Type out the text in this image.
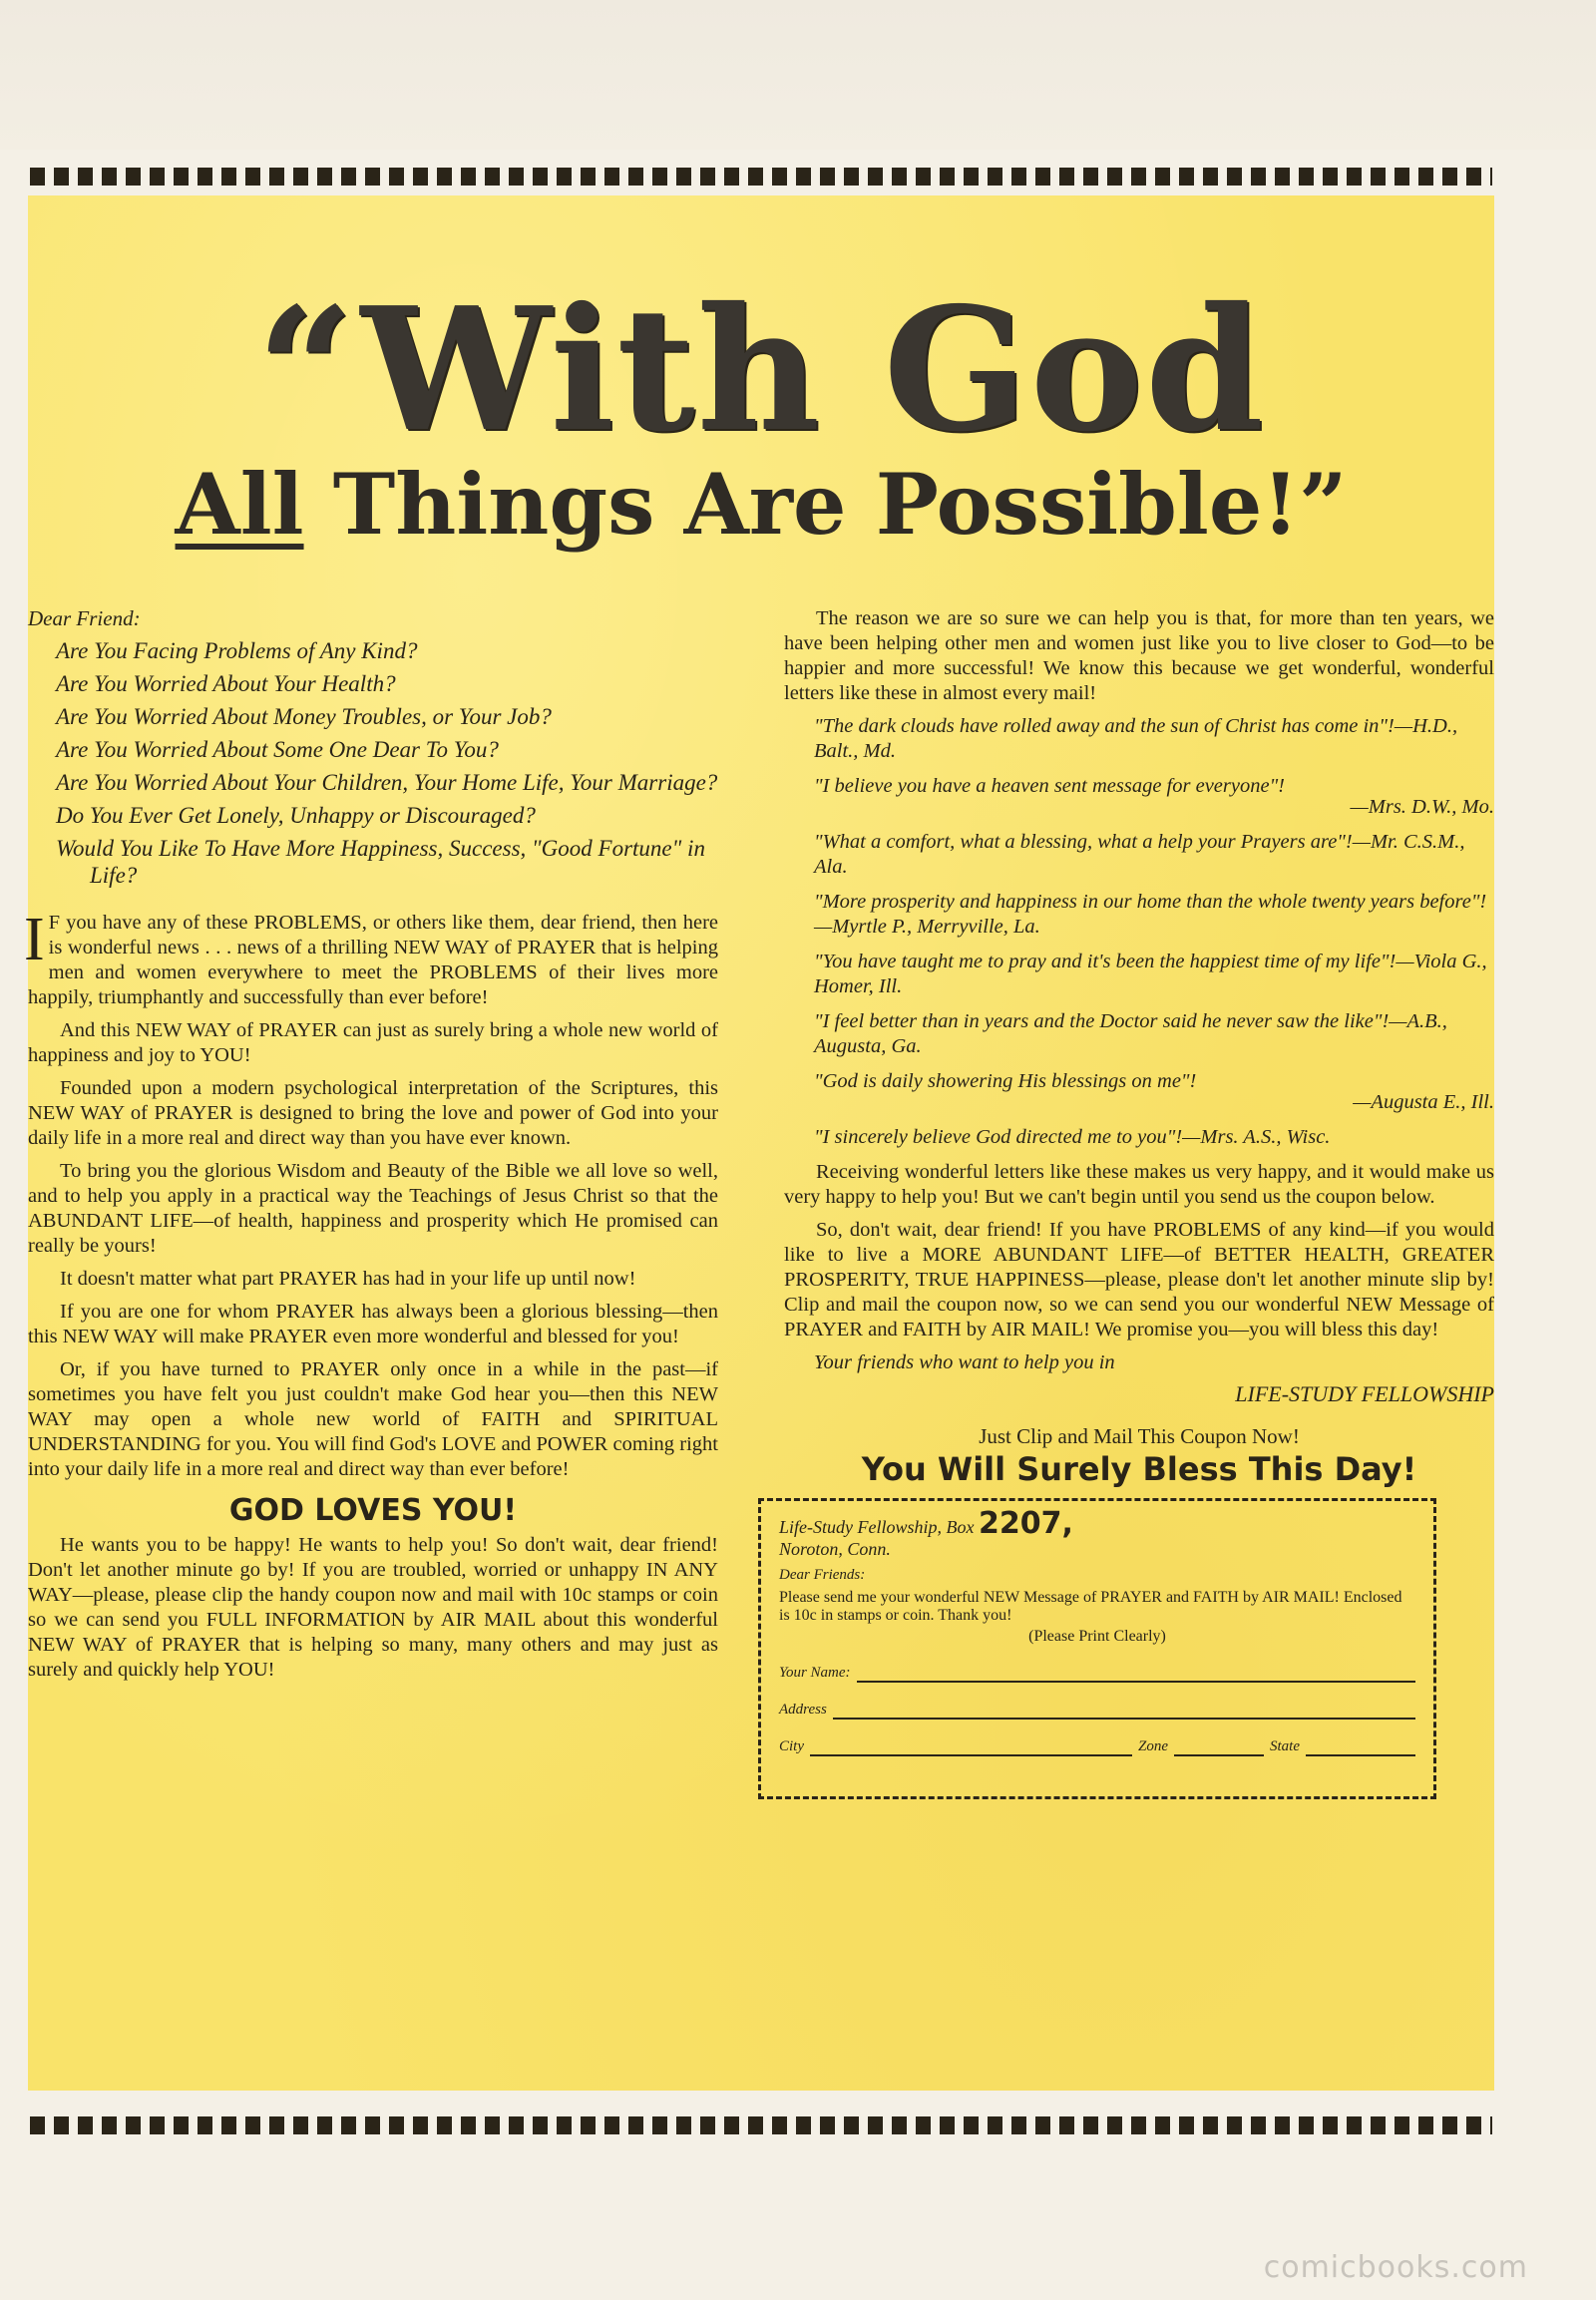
“With God
All Things Are Possible!”
Dear Friend:
Are You Facing Problems of Any Kind?
Are You Worried About Your Health?
Are You Worried About Money Troubles, or Your Job?
Are You Worried About Some One Dear To You?
Are You Worried About Your Children, Your Home Life, Your Marriage?
Do You Ever Get Lonely, Unhappy or Discouraged?
Would You Like To Have More Happiness, Success, "Good Fortune" in Life?

I F you have any of these PROBLEMS, or others like them, dear friend, then here is wonderful news . . . news of a thrilling NEW WAY of PRAYER that is helping men and women everywhere to meet the PROBLEMS of their lives more happily, triumphantly and successfully than ever before!

And this NEW WAY of PRAYER can just as surely bring a whole new world of happiness and joy to YOU!

Founded upon a modern psychological interpretation of the Scriptures, this NEW WAY of PRAYER is designed to bring the love and power of God into your daily life in a more real and direct way than you have ever known.

To bring you the glorious Wisdom and Beauty of the Bible we all love so well, and to help you apply in a practical way the Teachings of Jesus Christ so that the ABUNDANT LIFE—of health, happiness and prosperity which He promised can really be yours!

It doesn't matter what part PRAYER has had in your life up until now!

If you are one for whom PRAYER has always been a glorious blessing—then this NEW WAY will make PRAYER even more wonderful and blessed for you!

Or, if you have turned to PRAYER only once in a while in the past—if sometimes you have felt you just couldn't make God hear you—then this NEW WAY may open a whole new world of FAITH and SPIRITUAL UNDERSTANDING for you. You will find God's LOVE and POWER coming right into your daily life in a more real and direct way than ever before!

GOD LOVES YOU!

He wants you to be happy! He wants to help you! So don't wait, dear friend! Don't let another minute go by! If you are troubled, worried or unhappy IN ANY WAY—please, please clip the handy coupon now and mail with 10c stamps or coin so we can send you FULL INFORMATION by AIR MAIL about this wonderful NEW WAY of PRAYER that is helping so many, many others and may just as surely and quickly help YOU!

The reason we are so sure we can help you is that, for more than ten years, we have been helping other men and women just like you to live closer to God—to be happier and more successful! We know this because we get wonderful, wonderful letters like these in almost every mail!

"The dark clouds have rolled away and the sun of Christ has come in"!—H.D., Balt., Md.
"I believe you have a heaven sent message for everyone"!
—Mrs. D.W., Mo.
"What a comfort, what a blessing, what a help your Prayers are"!—Mr. C.S.M., Ala.
"More prosperity and happiness in our home than the whole twenty years before"!—Myrtle P., Merryville, La.
"You have taught me to pray and it's been the happiest time of my life"!—Viola G., Homer, Ill.
"I feel better than in years and the Doctor said he never saw the like"!—A.B., Augusta, Ga.
"God is daily showering His blessings on me"!
—Augusta E., Ill.
"I sincerely believe God directed me to you"!—Mrs. A.S., Wisc.

Receiving wonderful letters like these makes us very happy, and it would make us very happy to help you! But we can't begin until you send us the coupon below.

So, don't wait, dear friend! If you have PROBLEMS of any kind—if you would like to live a MORE ABUNDANT LIFE—of BETTER HEALTH, GREATER PROSPERITY, TRUE HAPPINESS—please, please don't let another minute slip by! Clip and mail the coupon now, so we can send you our wonderful NEW Message of PRAYER and FAITH by AIR MAIL! We promise you—you will bless this day!

Your friends who want to help you in
LIFE-STUDY FELLOWSHIP
Just Clip and Mail This Coupon Now!
You Will Surely Bless This Day!
Life-Study Fellowship, Box 2207,
Noroton, Conn.
Dear Friends:
Please send me your wonderful NEW Message of PRAYER and FAITH by AIR MAIL! Enclosed is 10c in stamps or coin. Thank you!
(Please Print Clearly)
Your Name:
Address
City	Zone	State
comicbooks.com
